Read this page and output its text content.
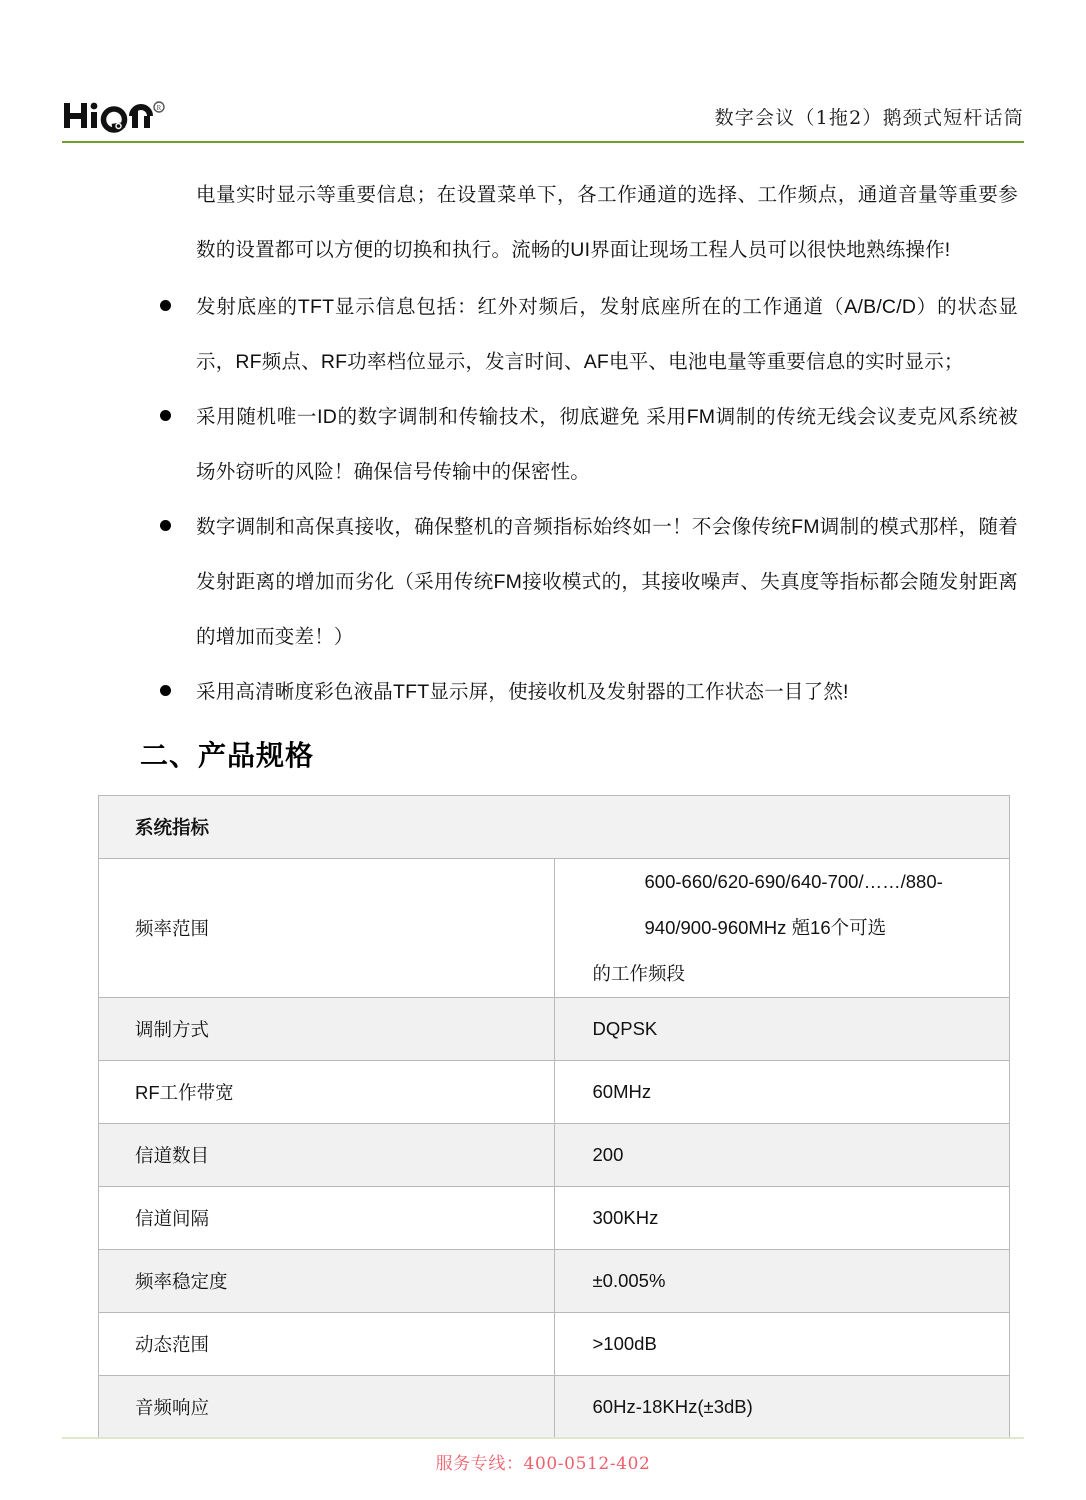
R	数字会议（1拖2）鹅颈式短杆话筒

电量实时显示等重要信息；在设置菜单下，各工作通道的选择、工作频点，通道音量等重要参数的设置都可以方便的切换和执行。流畅的UI界面让现场工程人员可以很快地熟练操作!

发射底座的TFT显示信息包括：红外对频后，发射底座所在的工作通道（A/B/C/D）的状态显示，RF频点、RF功率档位显示，发言时间、AF电平、电池电量等重要信息的实时显示；
采用随机唯一ID的数字调制和传输技术，彻底避免 采用FM调制的传统无线会议麦克风系统被场外窃听的风险！确保信号传输中的保密性。
数字调制和高保真接收，确保整机的音频指标始终如一！不会像传统FM调制的模式那样，随着发射距离的增加而劣化（采用传统FM接收模式的，其接收噪声、失真度等指标都会随发射距离的增加而变差！）
采用高清晰度彩色液晶TFT显示屏，使接收机及发射器的工作状态一目了然!
二、产品规格
系统指标	

频率范围	600-660/620-690/640-700/……/880-940/900-960MHz 兡16个可选
的工作频段

调制方式	DQPSK

RF工作带宽	60MHz

信道数目	200

信道间隔	300KHz

频率稳定度	±0.005%

动态范围	>100dB

音频响应	60Hz-18KHz(±3dB)
服务专线：400-0512-402
